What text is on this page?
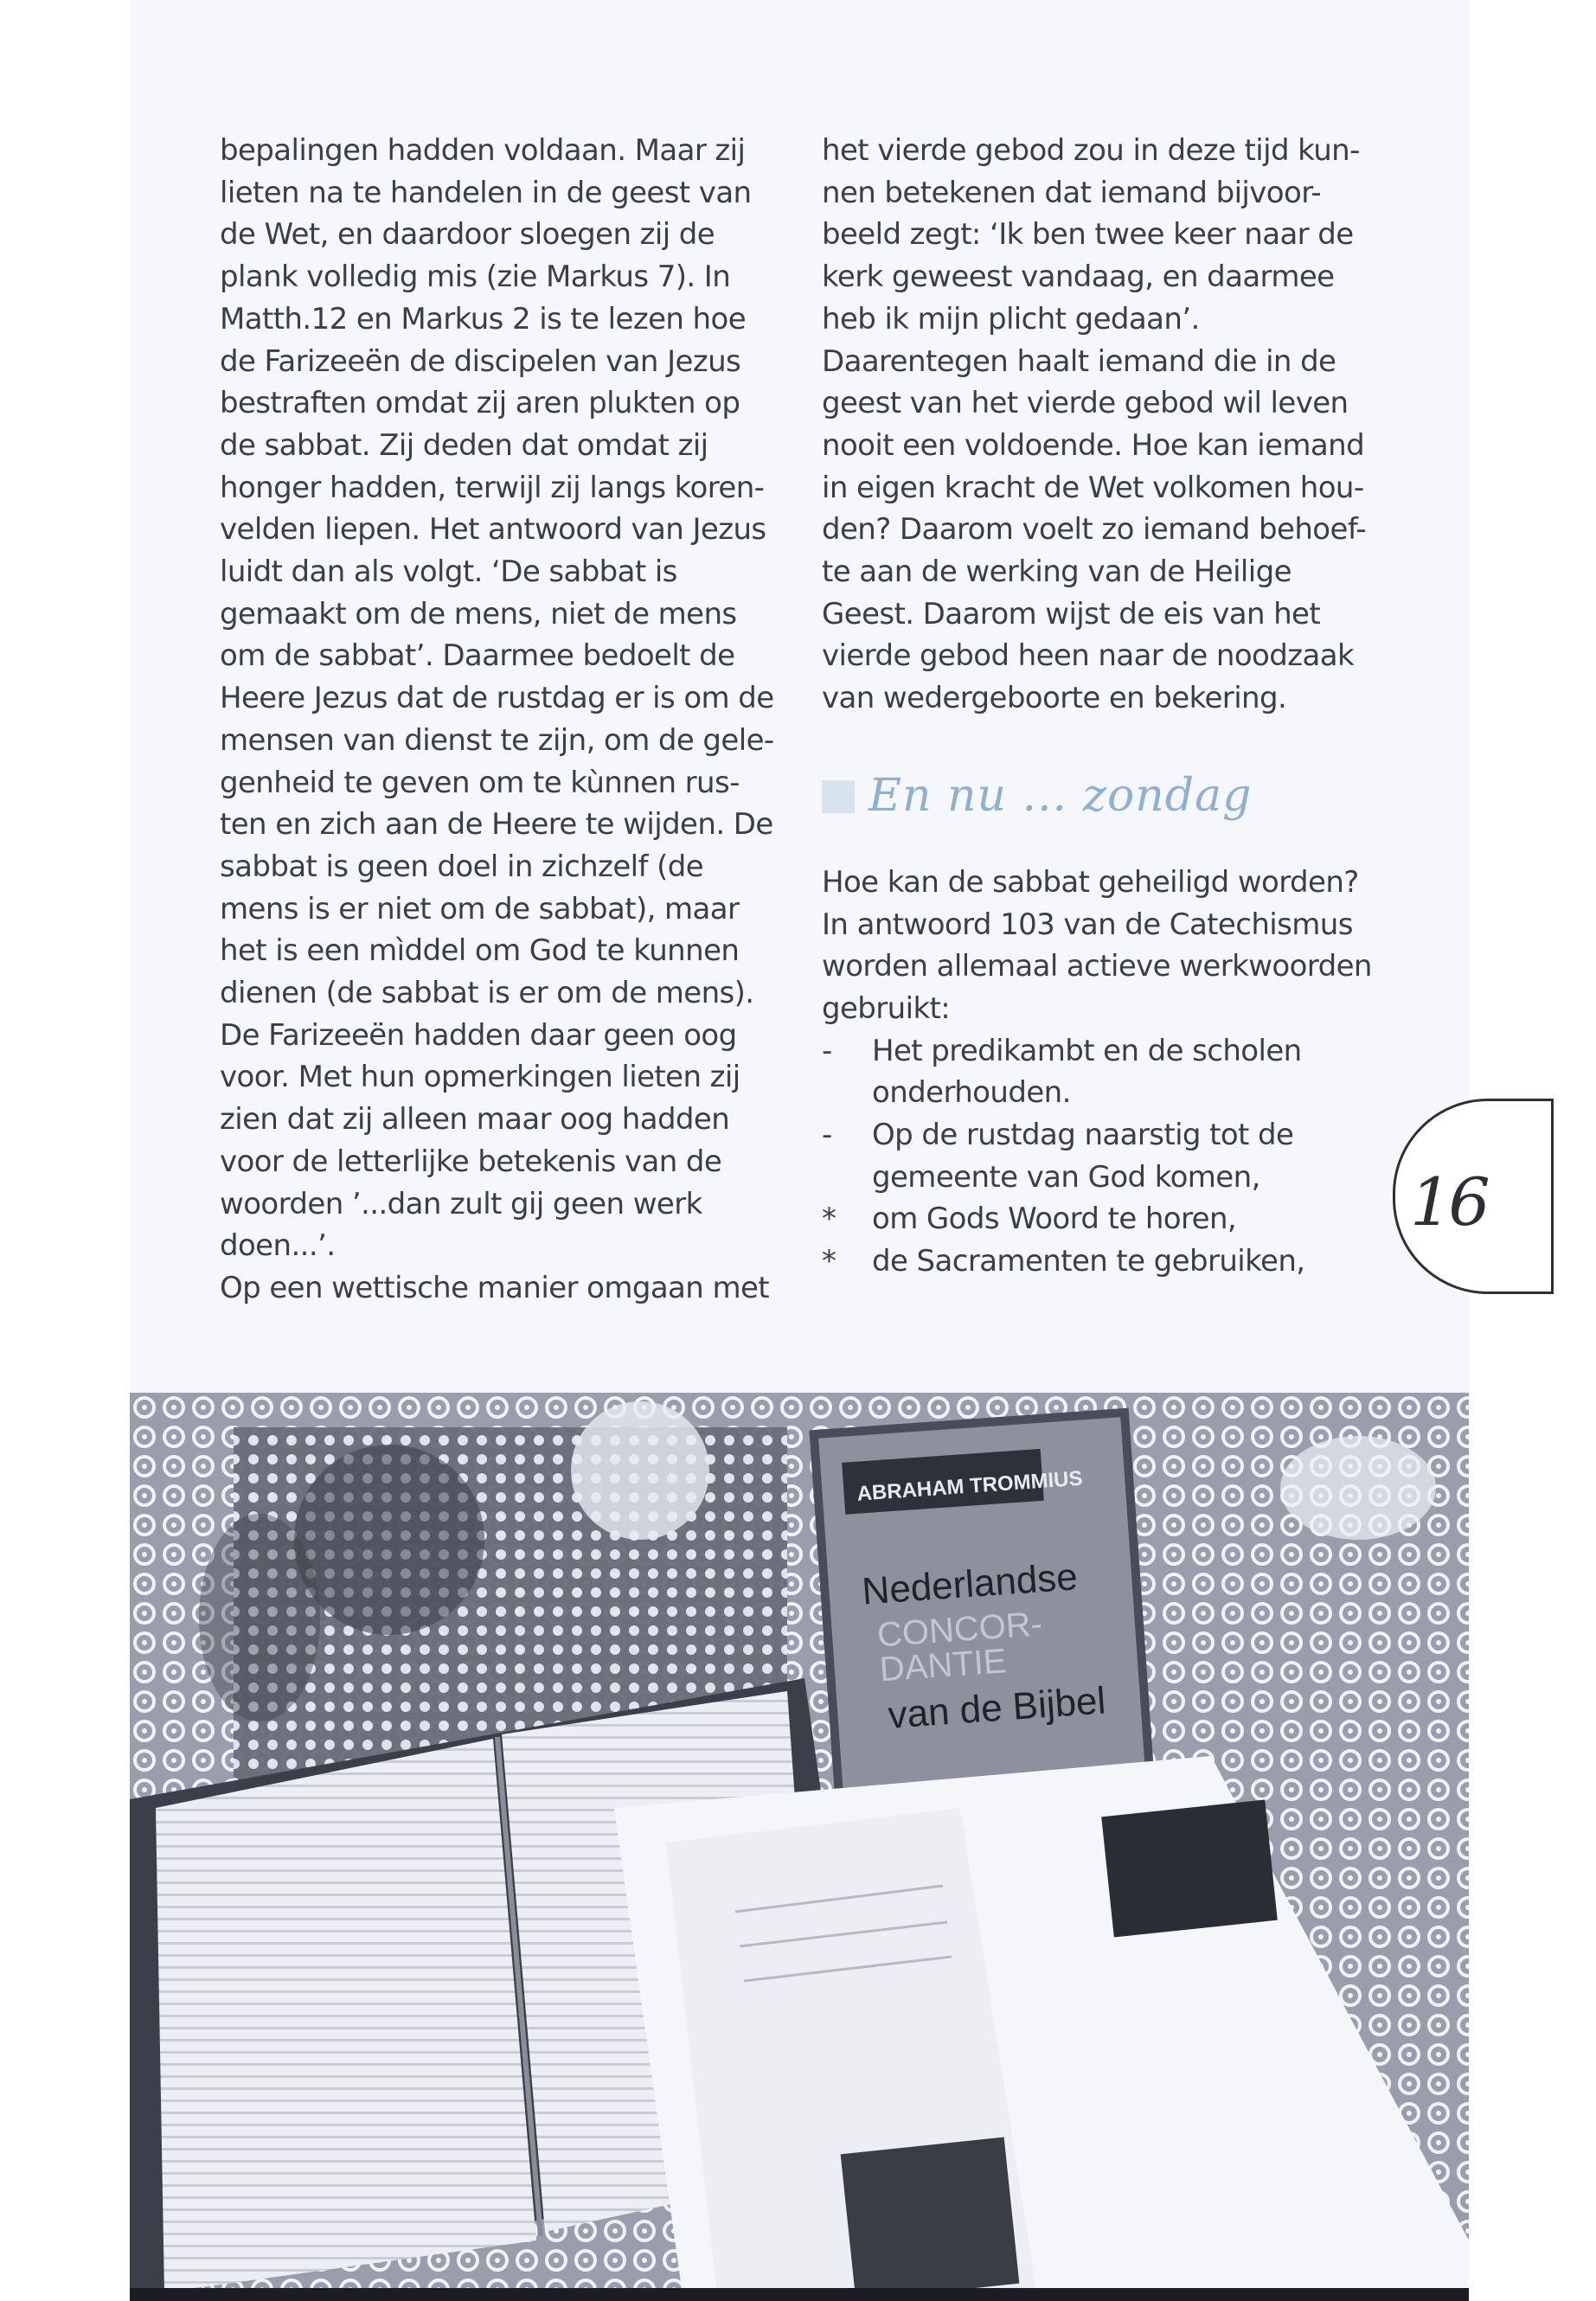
bepalingen hadden voldaan. Maar zij
lieten na te handelen in de geest van
de Wet, en daardoor sloegen zij de
plank volledig mis (zie Markus 7). In
Matth.12 en Markus 2 is te lezen hoe
de Farizeeën de discipelen van Jezus
bestraften omdat zij aren plukten op
de sabbat. Zij deden dat omdat zij
honger hadden, terwijl zij langs koren-
velden liepen. Het antwoord van Jezus
luidt dan als volgt. ‘De sabbat is
gemaakt om de mens, niet de mens
om de sabbat’. Daarmee bedoelt de
Heere Jezus dat de rustdag er is om de
mensen van dienst te zijn, om de gele-
genheid te geven om te kùnnen rus-
ten en zich aan de Heere te wijden. De
sabbat is geen doel in zichzelf (de
mens is er niet om de sabbat), maar
het is een mìddel om God te kunnen
dienen (de sabbat is er om de mens).
De Farizeeën hadden daar geen oog
voor. Met hun opmerkingen lieten zij
zien dat zij alleen maar oog hadden
voor de letterlijke betekenis van de
woorden ’...dan zult gij geen werk
doen...’.
Op een wettische manier omgaan met
het vierde gebod zou in deze tijd kun-
nen betekenen dat iemand bijvoor-
beeld zegt: ‘Ik ben twee keer naar de
kerk geweest vandaag, en daarmee
heb ik mijn plicht gedaan’.
Daarentegen haalt iemand die in de
geest van het vierde gebod wil leven
nooit een voldoende. Hoe kan iemand
in eigen kracht de Wet volkomen hou-
den? Daarom voelt zo iemand behoef-
te aan de werking van de Heilige
Geest. Daarom wijst de eis van het
vierde gebod heen naar de noodzaak
van wedergeboorte en bekering.
En nu ... zondag
Hoe kan de sabbat geheiligd worden?
In antwoord 103 van de Catechismus
worden allemaal actieve werkwoorden
gebruikt:
-	Het predikambt en de scholen
onderhouden.
-	Op de rustdag naarstig tot de
gemeente van God komen,
*	om Gods Woord te horen,
*	de Sacramenten te gebruiken,
16
ABRAHAM TROMMIUS
Nederlandse
CONCOR-
DANTIE
van de Bijbel
